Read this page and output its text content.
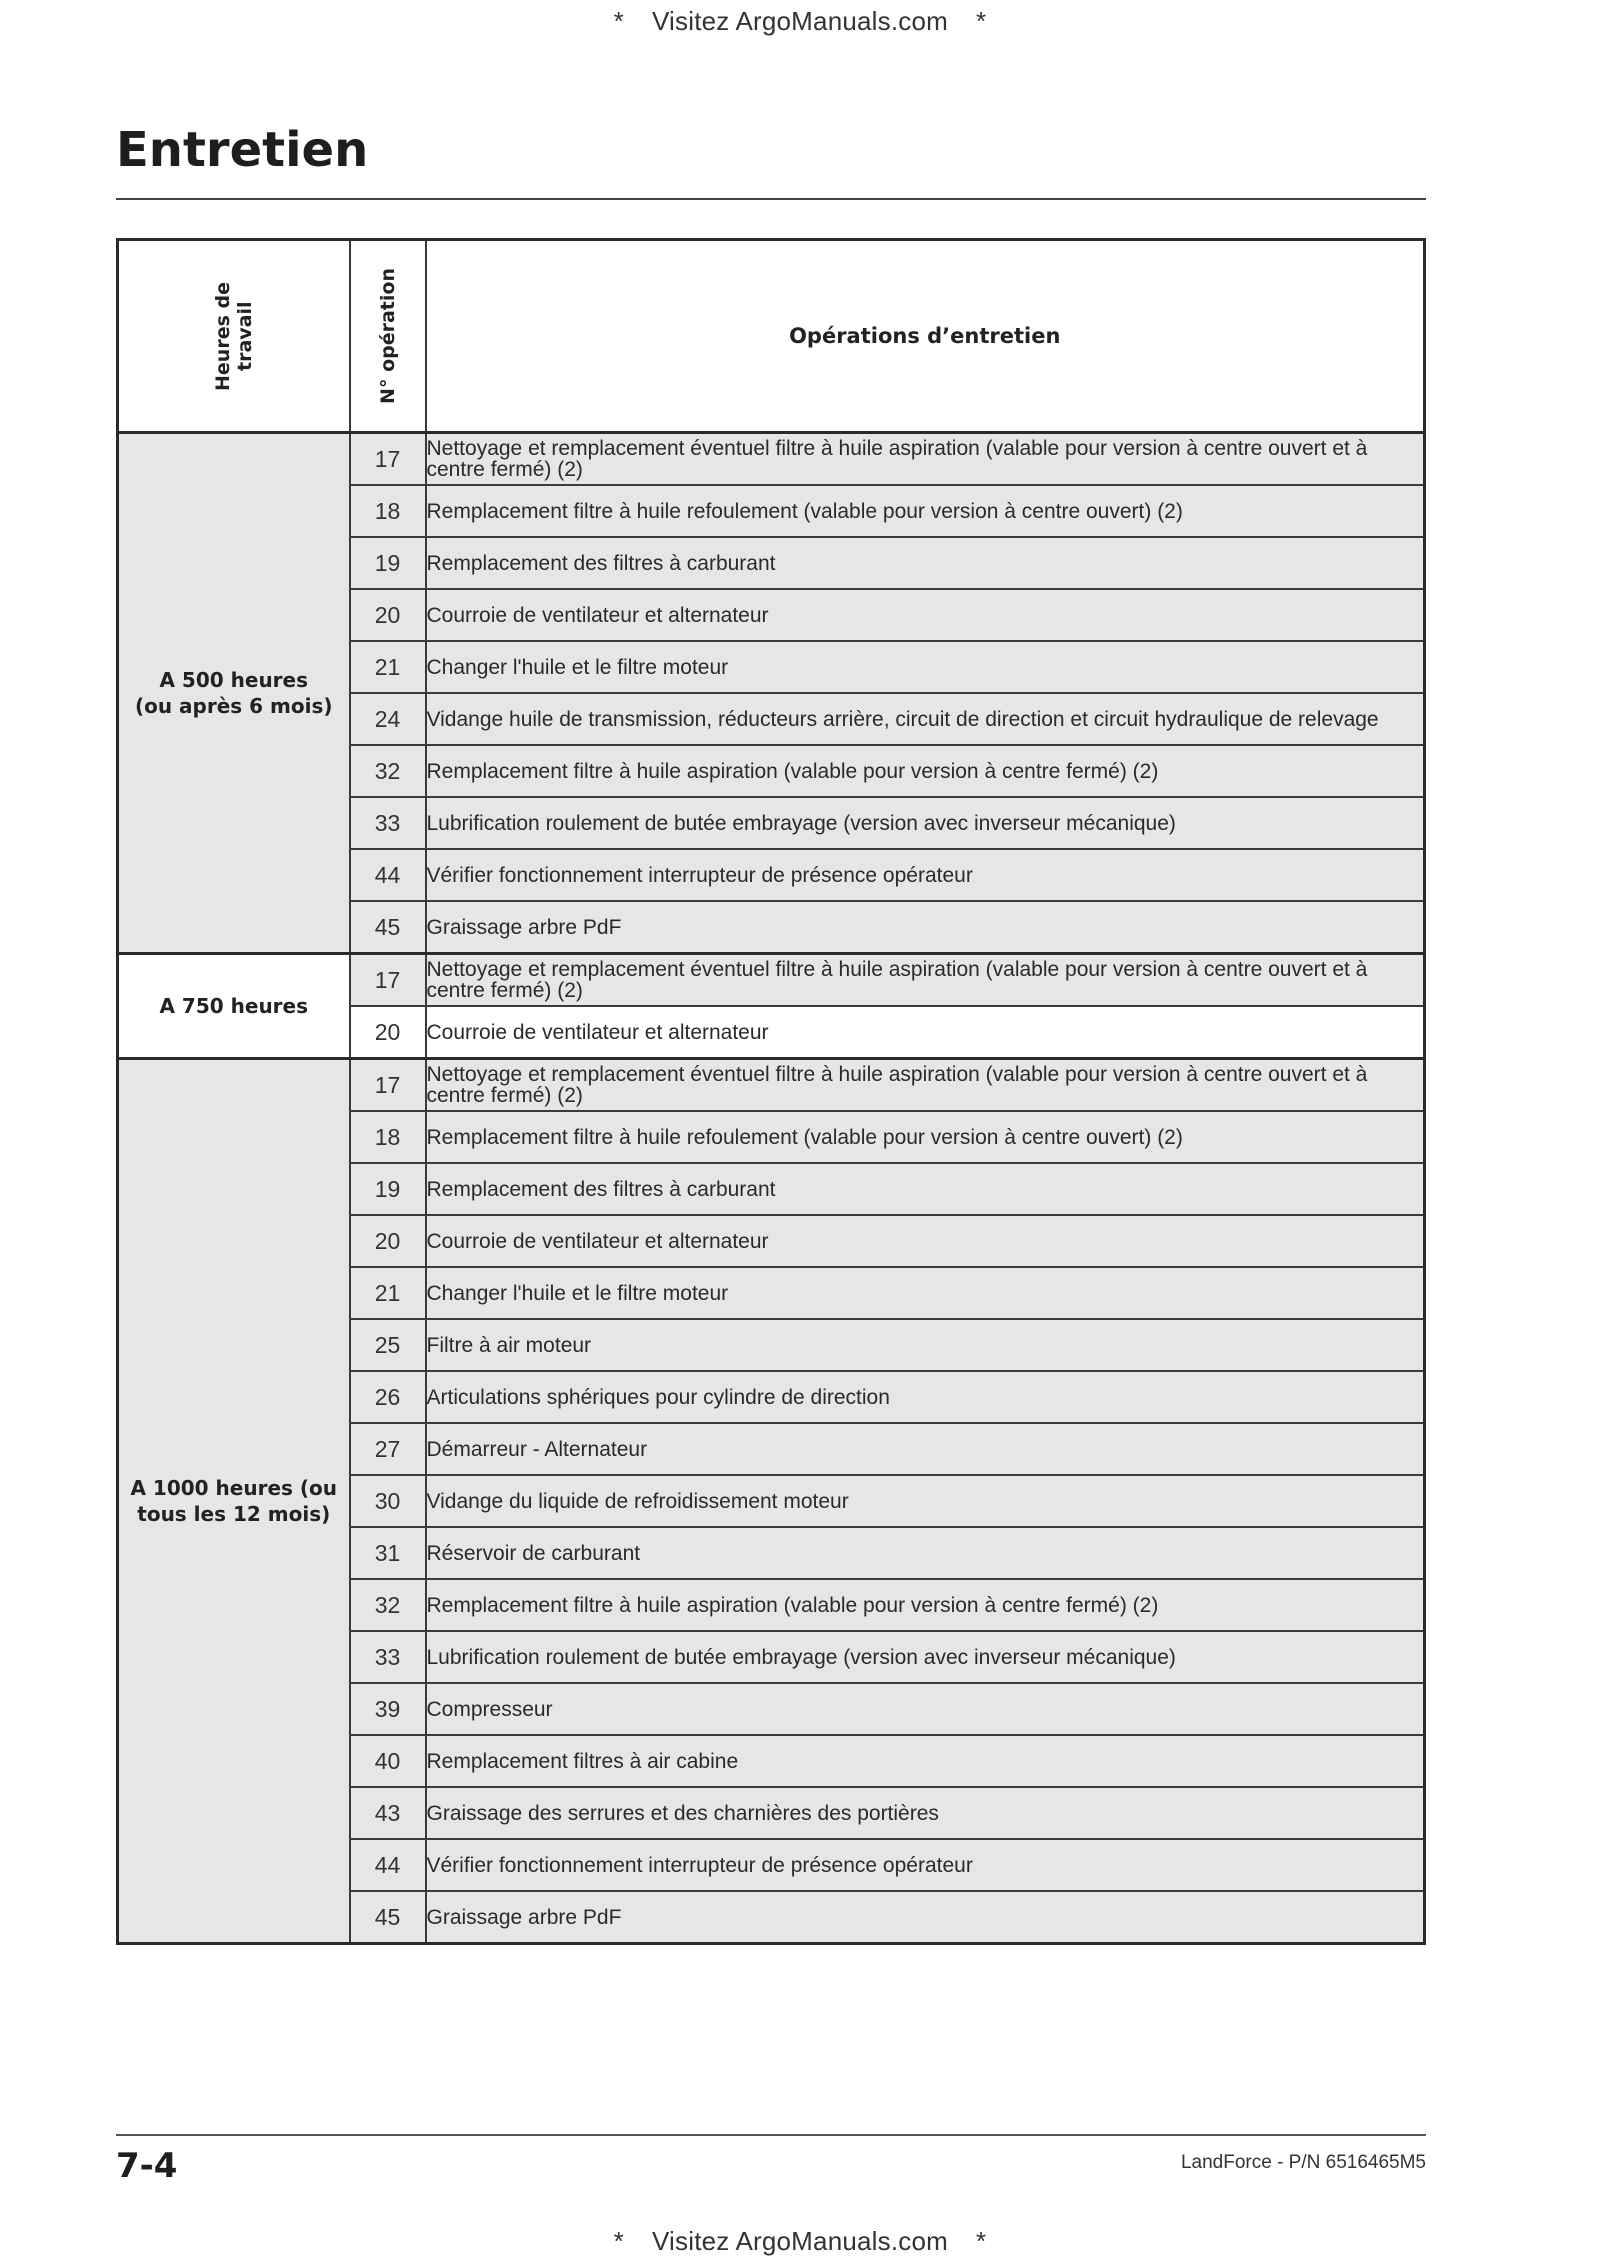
* Visitez ArgoManuals.com *
Entretien
Heures de
travail	N° opération	Opérations d’entretien
A 500 heures
(ou après 6 mois)	17	Nettoyage et remplacement éventuel filtre à huile aspiration (valable pour version à centre ouvert et à centre fermé) (2)
	18	Remplacement filtre à huile refoulement (valable pour version à centre ouvert) (2)
	19	Remplacement des filtres à carburant
	20	Courroie de ventilateur et alternateur
	21	Changer l'huile et le filtre moteur
	24	Vidange huile de transmission, réducteurs arrière, circuit de direction et circuit hydraulique de relevage
	32	Remplacement filtre à huile aspiration (valable pour version à centre fermé) (2)
	33	Lubrification roulement de butée embrayage (version avec inverseur mécanique)
	44	Vérifier fonctionnement interrupteur de présence opérateur
	45	Graissage arbre PdF
A 750 heures	17	Nettoyage et remplacement éventuel filtre à huile aspiration (valable pour version à centre ouvert et à centre fermé) (2)
	20	Courroie de ventilateur et alternateur
A 1000 heures (ou
tous les 12 mois)	17	Nettoyage et remplacement éventuel filtre à huile aspiration (valable pour version à centre ouvert et à centre fermé) (2)
	18	Remplacement filtre à huile refoulement (valable pour version à centre ouvert) (2)
	19	Remplacement des filtres à carburant
	20	Courroie de ventilateur et alternateur
	21	Changer l'huile et le filtre moteur
	25	Filtre à air moteur
	26	Articulations sphériques pour cylindre de direction
	27	Démarreur - Alternateur
	30	Vidange du liquide de refroidissement moteur
	31	Réservoir de carburant
	32	Remplacement filtre à huile aspiration (valable pour version à centre fermé) (2)
	33	Lubrification roulement de butée embrayage (version avec inverseur mécanique)
	39	Compresseur
	40	Remplacement filtres à air cabine
	43	Graissage des serrures et des charnières des portières
	44	Vérifier fonctionnement interrupteur de présence opérateur
	45	Graissage arbre PdF
7-4	LandForce - P/N 6516465M5
* Visitez ArgoManuals.com *
